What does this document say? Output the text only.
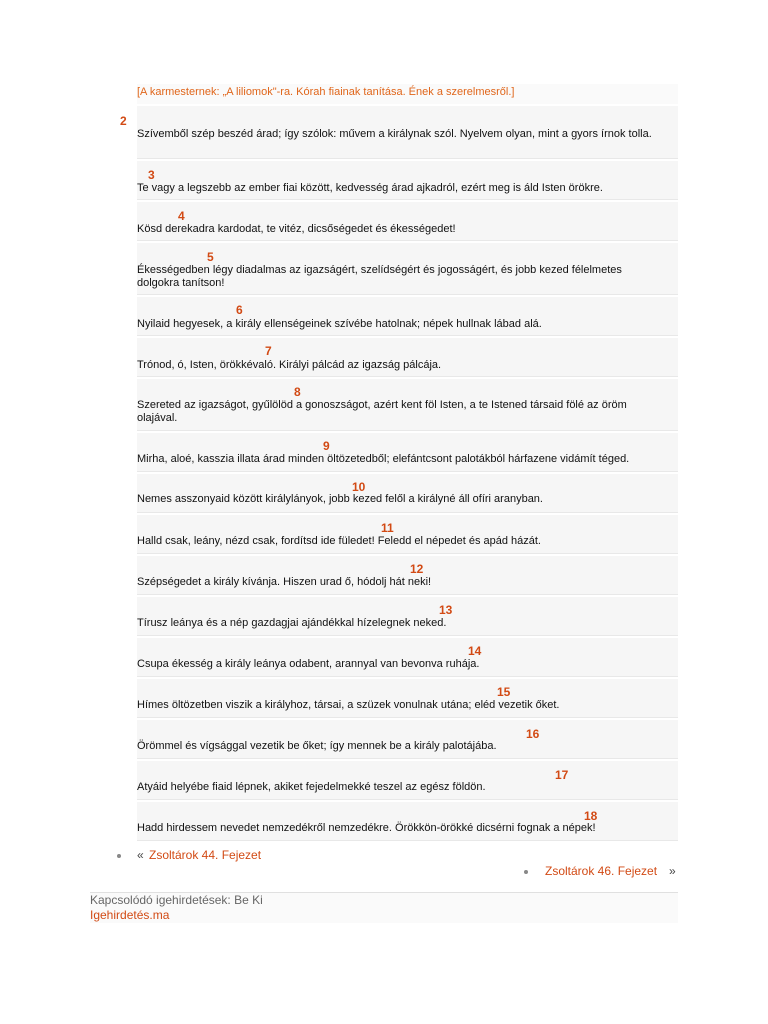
[A karmesternek: „A liliomok"-ra. Kórah fiainak tanítása. Ének a szerelmesről.]
2
Szívemből szép beszéd árad; így szólok: művem a királynak szól. Nyelvem olyan, mint a gyors írnok tolla.
3
Te vagy a legszebb az ember fiai között, kedvesség árad ajkadról, ezért meg is áld Isten örökre.
4
Kösd derekadra kardodat, te vitéz, dicsőségedet és ékességedet!
5
Ékességedben légy diadalmas az igazságért, szelídségért és jogosságért, és jobb kezed félelmetes dolgokra tanítson!
6
Nyilaid hegyesek, a király ellenségeinek szívébe hatolnak; népek hullnak lábad alá.
7
Trónod, ó, Isten, örökkévaló. Királyi pálcád az igazság pálcája.
8
Szereted az igazságot, gyűlölöd a gonoszságot, azért kent föl Isten, a te Istened társaid fölé az öröm olajával.
9
Mirha, aloé, kasszia illata árad minden öltözetedből; elefántcsont palotákból hárfazene vidámít téged.
10
Nemes asszonyaid között királylányok, jobb kezed felől a királyné áll ofíri aranyban.
11
Halld csak, leány, nézd csak, fordítsd ide füledet! Feledd el népedet és apád házát.
12
Szépségedet a király kívánja. Hiszen urad ő, hódolj hát neki!
13
Tírusz leánya és a nép gazdagjai ajándékkal hízelegnek neked.
14
Csupa ékesség a király leánya odabent, arannyal van bevonva ruhája.
15
Hímes öltözetben viszik a királyhoz, társai, a szüzek vonulnak utána; eléd vezetik őket.
16
Örömmel és vígsággal vezetik be őket; így mennek be a király palotájába.
17
Atyáid helyébe fiaid lépnek, akiket fejedelmekké teszel az egész földön.
18
Hadd hirdessem nevedet nemzedékről nemzedékre. Örökkön-örökké dicsérni fognak a népek!
« Zsoltárok 44. Fejezet
Zsoltárok 46. Fejezet »
Kapcsolódó igehirdetések: Be Ki
Igehirdetés.ma
